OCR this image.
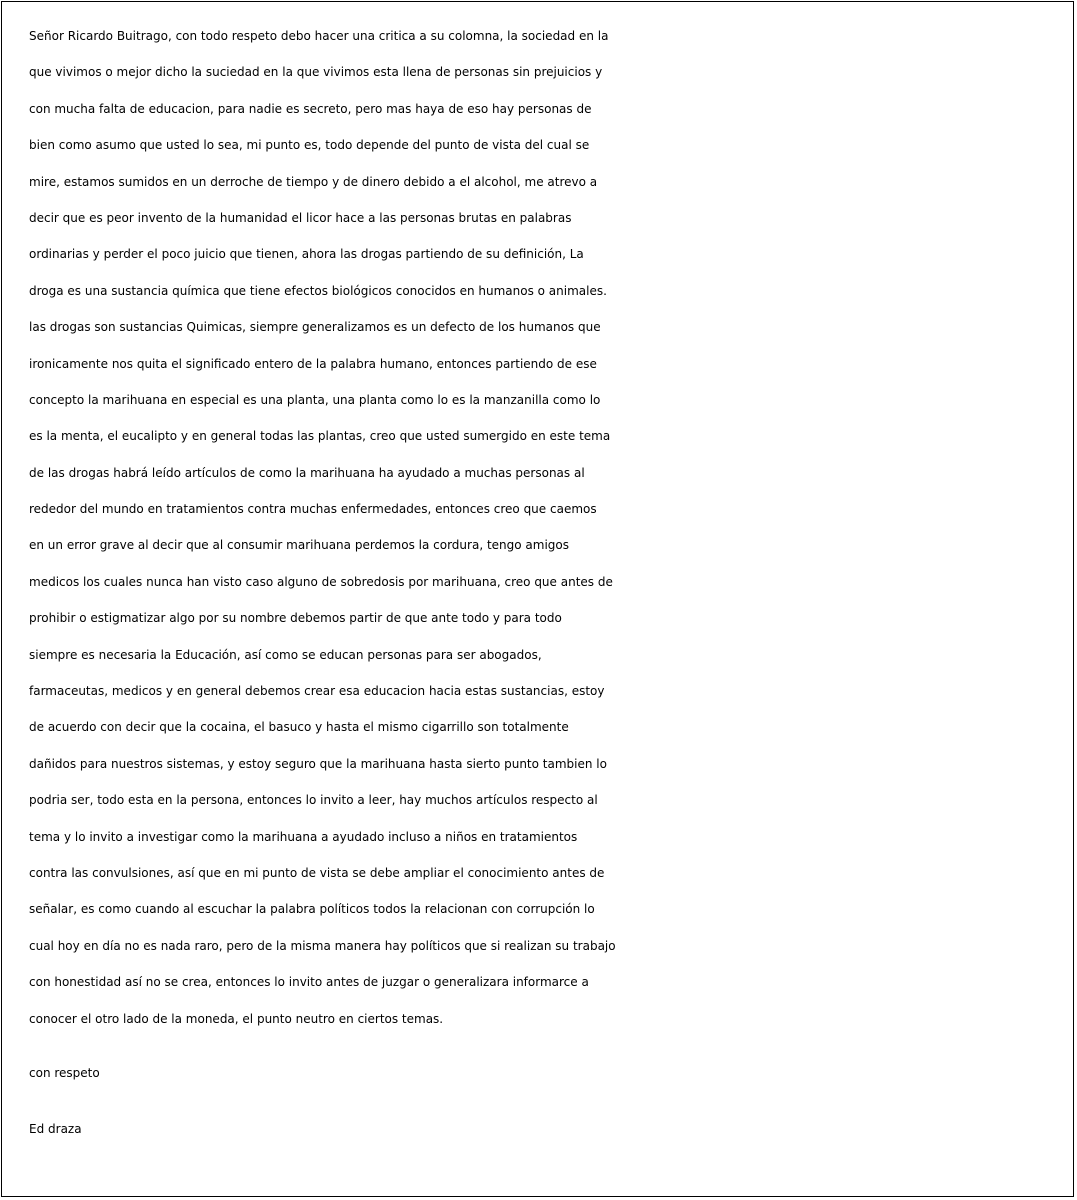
Señor Ricardo Buitrago, con todo respeto debo hacer una critica a su colomna, la sociedad en la
que vivimos o mejor dicho la suciedad en la que vivimos esta llena de personas sin prejuicios y
con mucha falta de educacion, para nadie es secreto, pero mas haya de eso hay personas de
bien como asumo que usted lo sea, mi punto es, todo depende del punto de vista del cual se
mire, estamos sumidos en un derroche de tiempo y de dinero debido a el alcohol, me atrevo a
decir que es peor invento de la humanidad el licor hace a las personas brutas en palabras
ordinarias y perder el poco juicio que tienen, ahora las drogas partiendo de su definición, La
droga es una sustancia química que tiene efectos biológicos conocidos en humanos o animales.
las drogas son sustancias Quimicas, siempre generalizamos es un defecto de los humanos que
ironicamente nos quita el significado entero de la palabra humano, entonces partiendo de ese
concepto la marihuana en especial es una planta, una planta como lo es la manzanilla como lo
es la menta, el eucalipto y en general todas las plantas, creo que usted sumergido en este tema
de las drogas habrá leído artículos de como la marihuana ha ayudado a muchas personas al
rededor del mundo en tratamientos contra muchas enfermedades, entonces creo que caemos
en un error grave al decir que al consumir marihuana perdemos la cordura, tengo amigos
medicos los cuales nunca han visto caso alguno de sobredosis por marihuana, creo que antes de
prohibir o estigmatizar algo por su nombre debemos partir de que ante todo y para todo
siempre es necesaria la Educación, así como se educan personas para ser abogados,
farmaceutas, medicos y en general debemos crear esa educacion hacia estas sustancias, estoy
de acuerdo con decir que la cocaina, el basuco y hasta el mismo cigarrillo son totalmente
dañidos para nuestros sistemas, y estoy seguro que la marihuana hasta sierto punto tambien lo
podria ser, todo esta en la persona, entonces lo invito a leer, hay muchos artículos respecto al
tema y lo invito a investigar como la marihuana a ayudado incluso a niños en tratamientos
contra las convulsiones, así que en mi punto de vista se debe ampliar el conocimiento antes de
señalar, es como cuando al escuchar la palabra políticos todos la relacionan con corrupción lo
cual hoy en día no es nada raro, pero de la misma manera hay políticos que si realizan su trabajo
con honestidad así no se crea, entonces lo invito antes de juzgar o generalizara informarce a
conocer el otro lado de la moneda, el punto neutro en ciertos temas.
con respeto
Ed draza
